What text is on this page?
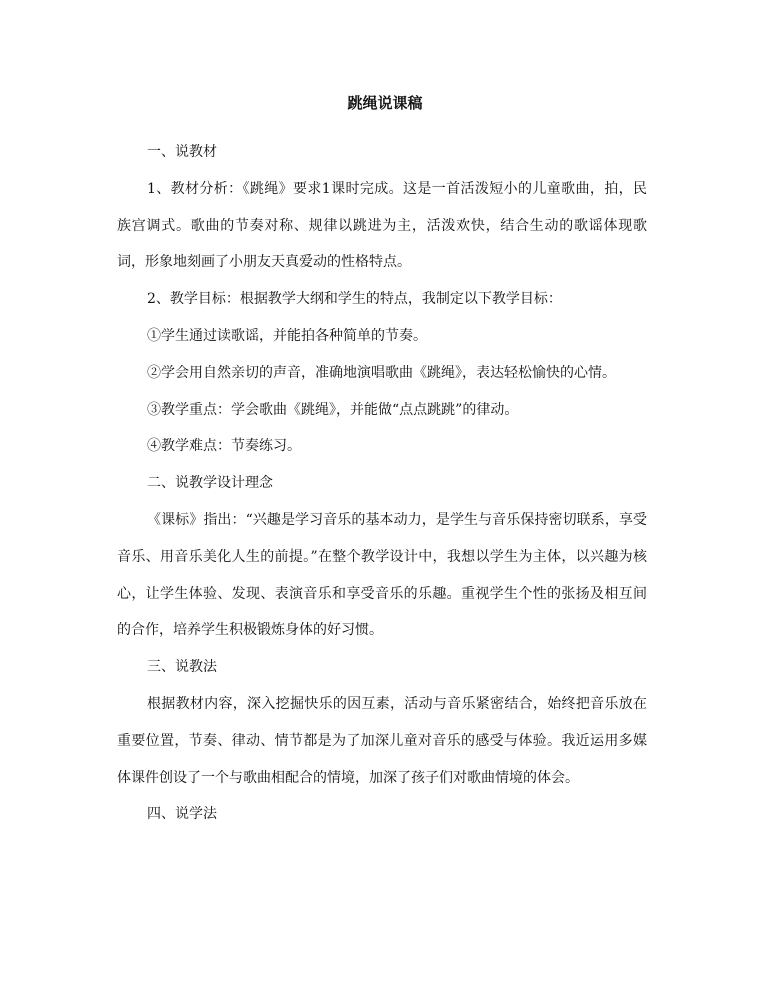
跳绳说课稿

一、说教材

1、教材分析：《跳绳》要求1课时完成。这是一首活泼短小的儿童歌曲，拍，民族宫调式。歌曲的节奏对称、规律以跳进为主，活泼欢快，结合生动的歌谣体现歌词，形象地刻画了小朋友天真爱动的性格特点。

2、教学目标：根据教学大纲和学生的特点，我制定以下教学目标：

①学生通过读歌谣，并能拍各种简单的节奏。

②学会用自然亲切的声音，准确地演唱歌曲《跳绳》，表达轻松愉快的心情。

③教学重点：学会歌曲《跳绳》，并能做“点点跳跳”的律动。

④教学难点：节奏练习。

二、说教学设计理念

《课标》指出：“兴趣是学习音乐的基本动力，是学生与音乐保持密切联系，享受音乐、用音乐美化人生的前提。”在整个教学设计中，我想以学生为主体，以兴趣为核心，让学生体验、发现、表演音乐和享受音乐的乐趣。重视学生个性的张扬及相互间的合作，培养学生积极锻炼身体的好习惯。

三、说教法

根据教材内容，深入挖掘快乐的因互素，活动与音乐紧密结合，始终把音乐放在重要位置，节奏、律动、情节都是为了加深儿童对音乐的感受与体验。我近运用多媒体课件创设了一个与歌曲相配合的情境，加深了孩子们对歌曲情境的体会。

四、说学法
